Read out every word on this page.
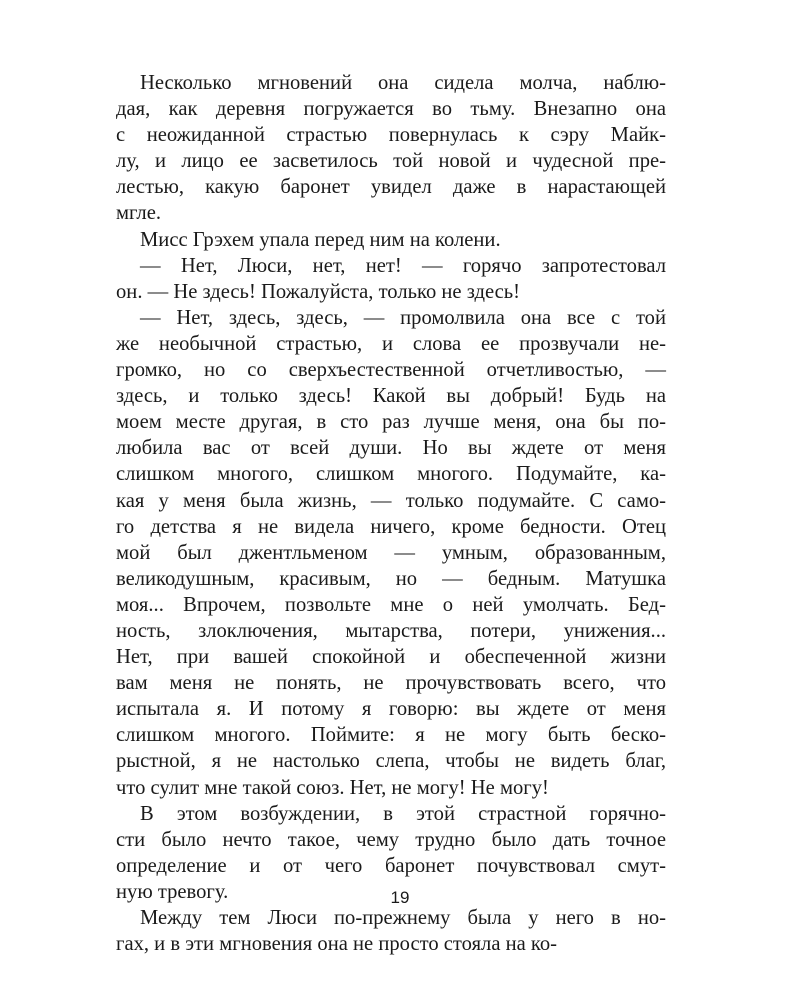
Несколько мгновений она сидела молча, наблю-
дая, как деревня погружается во тьму. Внезапно она
с неожиданной страстью повернулась к сэру Майк-
лу, и лицо ее засветилось той новой и чудесной пре-
лестью, какую баронет увидел даже в нарастающей
мгле.

Мисс Грэхем упала перед ним на колени.

— Нет, Люси, нет, нет! — горячо запротестовал
он. — Не здесь! Пожалуйста, только не здесь!

— Нет, здесь, здесь, — промолвила она все с той
же необычной страстью, и слова ее прозвучали не-
громко, но со сверхъестественной отчетливостью, —
здесь, и только здесь! Какой вы добрый! Будь на
моем месте другая, в сто раз лучше меня, она бы по-
любила вас от всей души. Но вы ждете от меня
слишком многого, слишком многого. Подумайте, ка-
кая у меня была жизнь, — только подумайте. С само-
го детства я не видела ничего, кроме бедности. Отец
мой был джентльменом — умным, образованным,
великодушным, красивым, но — бедным. Матушка
моя... Впрочем, позвольте мне о ней умолчать. Бед-
ность, злоключения, мытарства, потери, унижения...
Нет, при вашей спокойной и обеспеченной жизни
вам меня не понять, не прочувствовать всего, что
испытала я. И потому я говорю: вы ждете от меня
слишком многого. Поймите: я не могу быть беско-
рыстной, я не настолько слепа, чтобы не видеть благ,
что сулит мне такой союз. Нет, не могу! Не могу!

В этом возбуждении, в этой страстной горячно-
сти было нечто такое, чему трудно было дать точное
определение и от чего баронет почувствовал смут-
ную тревогу.

Между тем Люси по-прежнему была у него в но-
гах, и в эти мгновения она не просто стояла на ко-

19
